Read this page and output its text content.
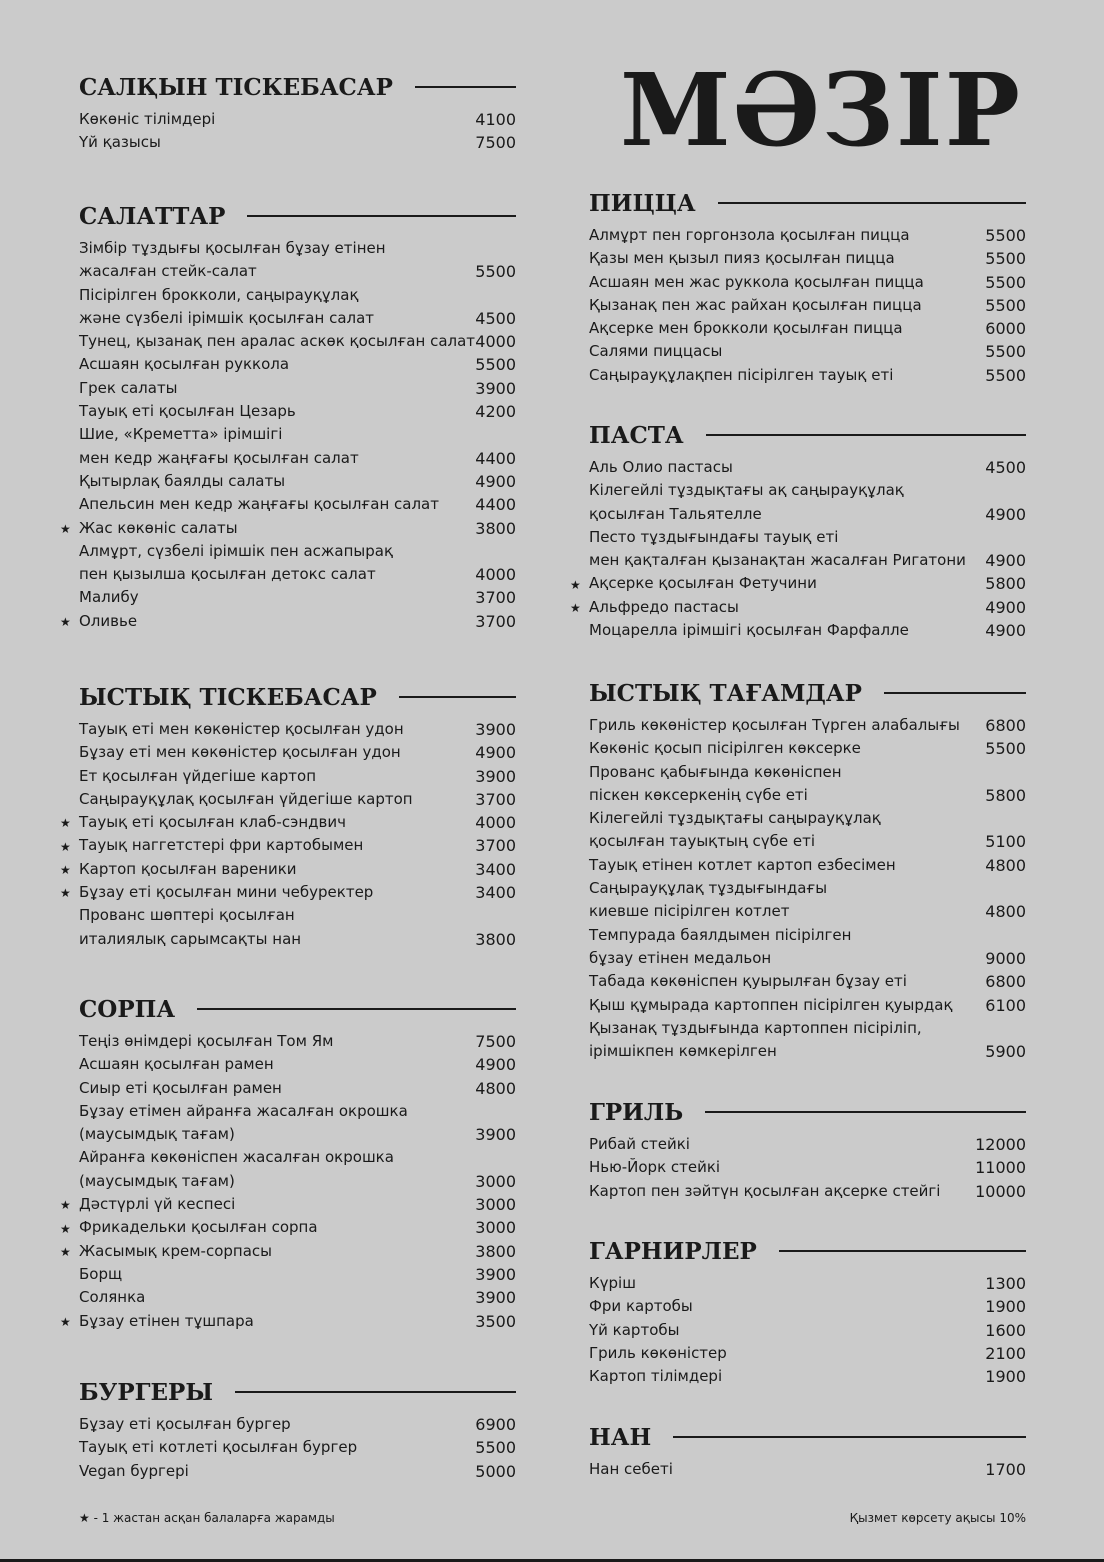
МӘЗІР
САЛҚЫН ТІСКЕБАСАР
Көкөніс тілімдері	4100
Үй қазысы	7500
САЛАТТАР
Зімбір тұздығы қосылған бұзау етінен
жасалған стейк-салат	5500
Пісірілген брокколи, саңырауқұлақ
және сүзбелі ірімшік қосылған салат	4500
Тунец, қызанақ пен аралас аскөк қосылған салат 4000
Асшаян қосылған руккола	5500
Грек салаты	3900
Тауық еті қосылған Цезарь	4200
Шие, «Креметта» ірімшігі
мен кедр жаңғағы қосылған салат	4400
Қытырлақ баялды салаты	4900
Апельсин мен кедр жаңғағы қосылған салат 4400
★ Жас көкөніс салаты	3800
Алмұрт, сүзбелі ірімшік пен асжапырақ
пен қызылша қосылған детокс салат	4000
Малибу	3700
★ Оливье	3700
ЫСТЫҚ ТІСКЕБАСАР
Тауық еті мен көкөністер қосылған удон	3900
Бұзау еті мен көкөністер қосылған удон	4900
Ет қосылған үйдегіше картоп	3900
Саңырауқұлақ қосылған үйдегіше картоп	3700
★ Тауық еті қосылған клаб-сэндвич	4000
★ Тауық наггетстері фри картобымен	3700
★ Картоп қосылған вареники	3400
★ Бұзау еті қосылған мини чебуректер	3400
Прованс шөптері қосылған
италиялық сарымсақты нан	3800
СОРПА
Теңіз өнімдері қосылған Том Ям	7500
Асшаян қосылған рамен	4900
Сиыр еті қосылған рамен	4800
Бұзау етімен айранға жасалған окрошка
(маусымдық тағам)	3900
Айранға көкөніспен жасалған окрошка
(маусымдық тағам)	3000
★ Дәстүрлі үй кеспесі	3000
★ Фрикадельки қосылған сорпа	3000
★ Жасымық крем-сорпасы	3800
Борщ	3900
Солянка	3900
★ Бұзау етінен тұшпара	3500
БУРГЕРЫ
Бұзау еті қосылған бургер	6900
Тауық еті котлеті қосылған бургер	5500
Vegan бургері	5000
ПИЦЦА
Алмұрт пен горгонзола қосылған пицца	5500
Қазы мен қызыл пияз қосылған пицца	5500
Асшаян мен жас руккола қосылған пицца	5500
Қызанақ пен жас райхан қосылған пицца	5500
Ақсерке мен брокколи қосылған пицца	6000
Салями пиццасы	5500
Саңырауқұлақпен пісірілген тауық еті	5500
ПАСТА
Аль Олио пастасы	4500
Кілегейлі тұздықтағы ақ саңырауқұлақ
қосылған Тальятелле	4900
Песто тұздығындағы тауық еті
мен қақталған қызанақтан жасалған Ригатони 4900
★ Ақсерке қосылған Фетучини	5800
★ Альфредо пастасы	4900
Моцарелла ірімшігі қосылған Фарфалле	4900
ЫСТЫҚ ТАҒАМДАР
Гриль көкөністер қосылған Түрген алабалығы 6800
Көкөніс қосып пісірілген көксерке	5500
Прованс қабығында көкөніспен
піскен көксеркенің сүбе еті	5800
Кілегейлі тұздықтағы саңырауқұлақ
қосылған тауықтың сүбе еті	5100
Тауық етінен котлет картоп езбесімен	4800
Саңырауқұлақ тұздығындағы
киевше пісірілген котлет	4800
Темпурада баялдымен пісірілген
бұзау етінен медальон	9000
Табада көкөніспен қуырылған бұзау еті	6800
Қыш құмырада картоппен пісірілген қуырдақ 6100
Қызанақ тұздығында картоппен пісіріліп,
ірімшікпен көмкерілген	5900
ГРИЛЬ
Рибай стейкі	12000
Нью-Йорк стейкі	11000
Картоп пен зәйтүн қосылған ақсерке стейгі 10000
ГАРНИРЛЕР
Күріш	1300
Фри картобы	1900
Үй картобы	1600
Гриль көкөністер	2100
Картоп тілімдері	1900
НАН
Нан себеті	1700
★ - 1 жастан асқан балаларға жарамды	Қызмет көрсету ақысы 10%
